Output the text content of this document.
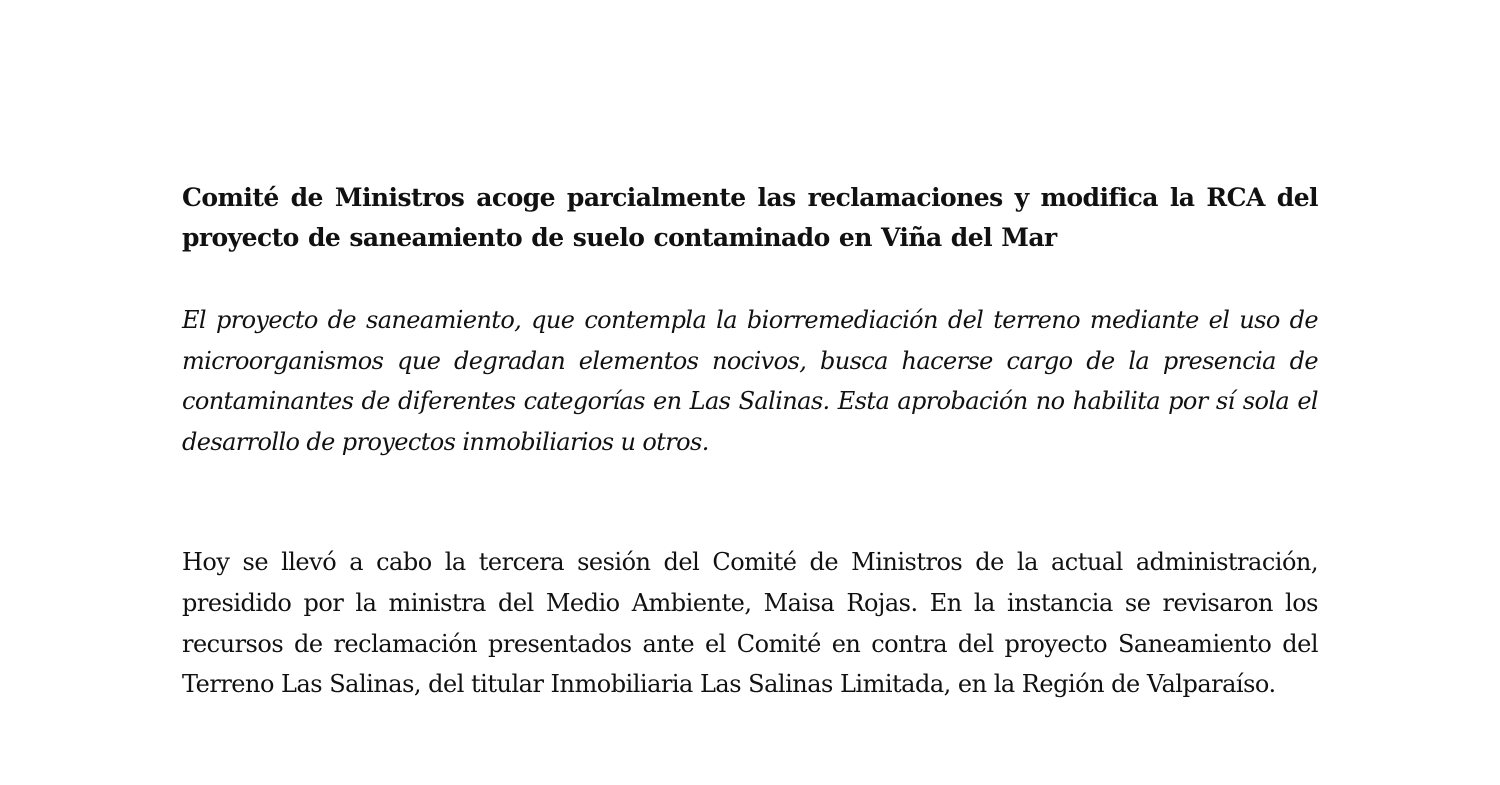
Comité de Ministros acoge parcialmente las reclamaciones y modifica la RCA del proyecto de saneamiento de suelo contaminado en Viña del Mar

El proyecto de saneamiento, que contempla la biorremediación del terreno mediante el uso de microorganismos que degradan elementos nocivos, busca hacerse cargo de la presencia de contaminantes de diferentes categorías en Las Salinas. Esta aprobación no habilita por sí sola el desarrollo de proyectos inmobiliarios u otros.

Hoy se llevó a cabo la tercera sesión del Comité de Ministros de la actual administración, presidido por la ministra del Medio Ambiente, Maisa Rojas. En la instancia se revisaron los recursos de reclamación presentados ante el Comité en contra del proyecto Saneamiento del Terreno Las Salinas, del titular Inmobiliaria Las Salinas Limitada, en la Región de Valparaíso.
